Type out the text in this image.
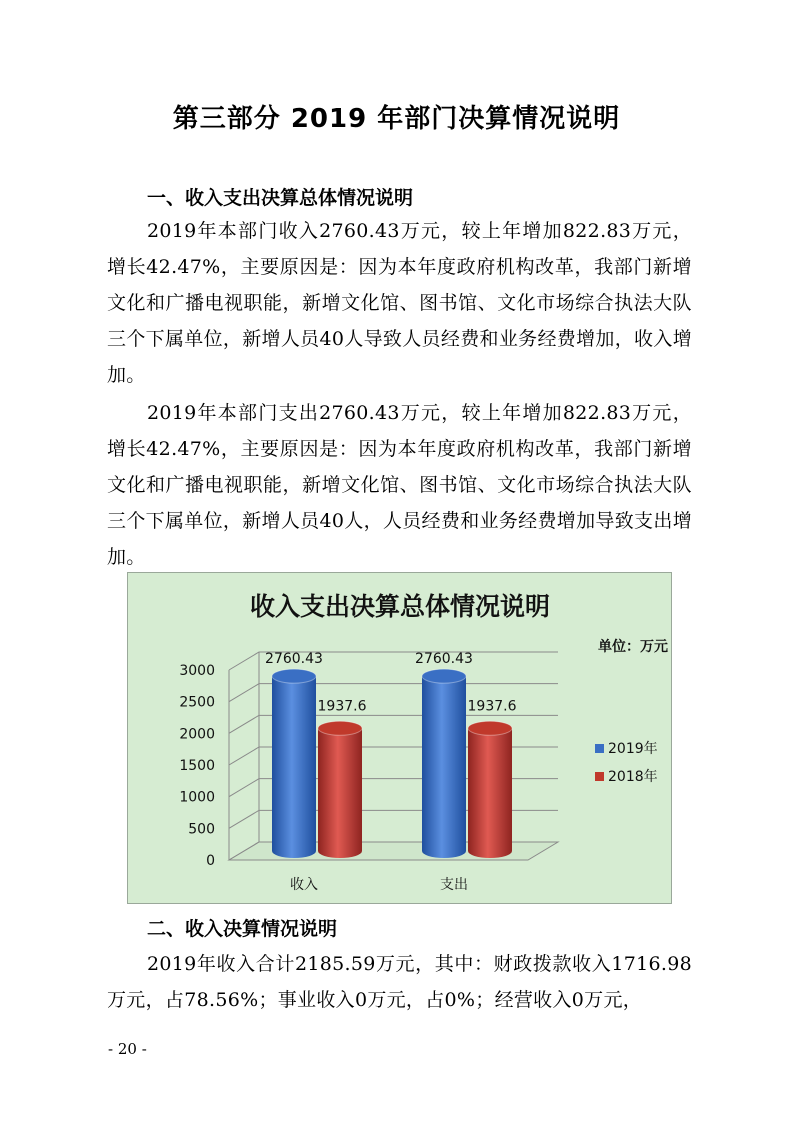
第三部分 2019 年部门决算情况说明
一、收入支出决算总体情况说明
2019年本部门收入2760.43万元，较上年增加822.83万元，增长42.47%，主要原因是：因为本年度政府机构改革，我部门新增文化和广播电视职能，新增文化馆、图书馆、文化市场综合执法大队三个下属单位，新增人员40人导致人员经费和业务经费增加，收入增加。
2019年本部门支出2760.43万元，较上年增加822.83万元，增长42.47%，主要原因是：因为本年度政府机构改革，我部门新增文化和广播电视职能，新增文化馆、图书馆、文化市场综合执法大队三个下属单位，新增人员40人，人员经费和业务经费增加导致支出增加。
收入支出决算总体情况说明
单位：万元
0
500
1000
1500
2000
2500
3000
2760.43
1937.6
2760.43
1937.6
收入	支出
2019年
2018年
二、收入决算情况说明
2019年收入合计2185.59万元，其中：财政拨款收入1716.98万元，占78.56%；事业收入0万元，占0%；经营收入0万元，
- 20 -
